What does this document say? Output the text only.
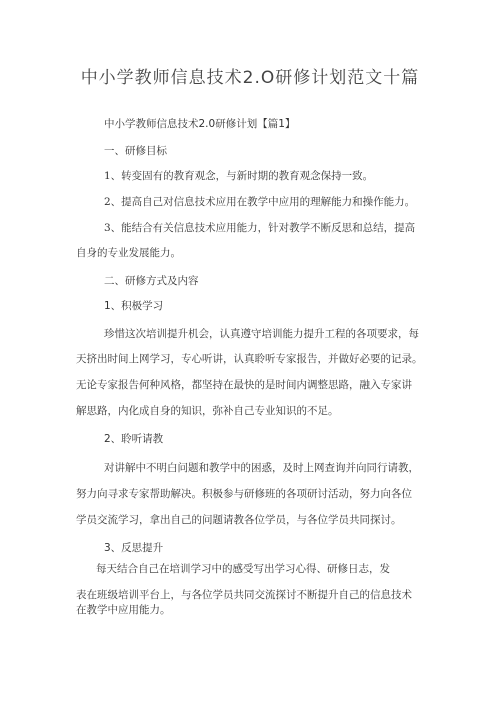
中小学教师信息技术2.O研修计划范文十篇
中小学教师信息技术2.0研修计划【篇1】
一、研修目标
1、转变固有的教育观念，与新时期的教育观念保持一致。
2、提高自己对信息技术应用在教学中应用的理解能力和操作能力。
3、能结合有关信息技术应用能力，针对教学不断反思和总结，提高
自身的专业发展能力。
二、研修方式及内容
1、积极学习
珍惜这次培训提升机会，认真遵守培训能力提升工程的各项要求，每
天挤出时间上网学习，专心听讲，认真聆听专家报告，并做好必要的记录。
无论专家报告何种风格，都坚持在最快的是时间内调整思路，融入专家讲
解思路，内化成自身的知识，弥补自己专业知识的不足。
2、聆听请教
对讲解中不明白问题和教学中的困惑，及时上网查询并向同行请教，
努力向寻求专家帮助解决。积极参与研修班的各项研讨活动，努力向各位
学员交流学习，拿出自己的问题请教各位学员，与各位学员共同探讨。
3、反思提升
每天结合自己在培训学习中的感受写出学习心得、研修日志，发
表在班级培训平台上，与各位学员共同交流探讨不断提升自己的信息技术
在教学中应用能力。
